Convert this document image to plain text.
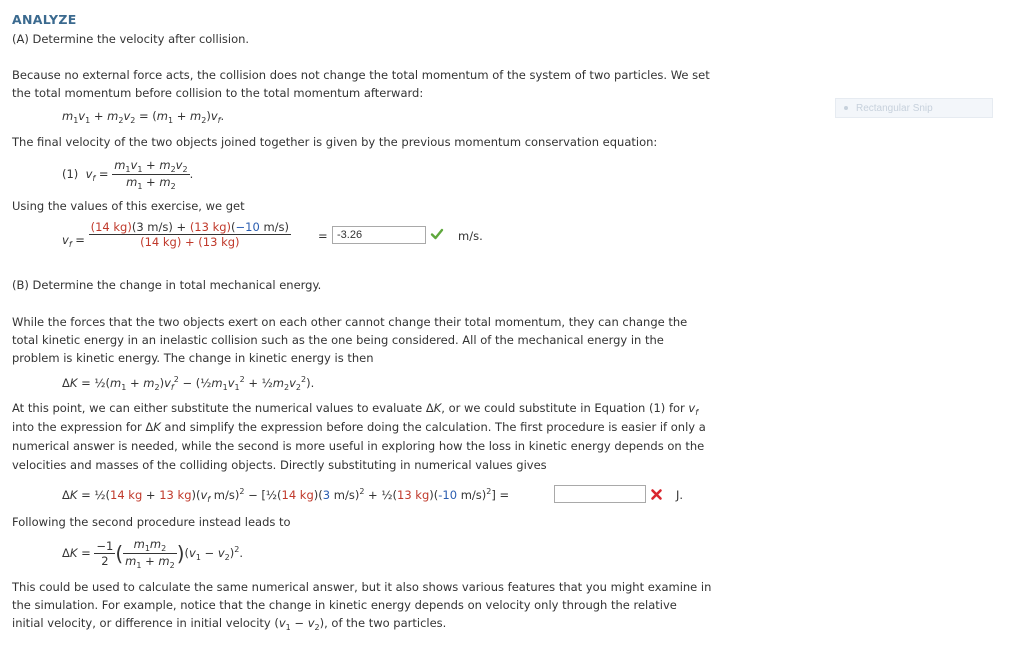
ANALYZE
(A) Determine the velocity after collision.
Because no external force acts, the collision does not change the total momentum of the system of two particles. We set
the total momentum before collision to the total momentum afterward:
$m_1v_1 + m_2v_2 = (m_1 + m_2)v_f$.
The final velocity of the two objects joined together is given by the previous momentum conservation equation:
(1) $v_f = \frac{m_1v_1 + m_2v_2}{m_1 + m_2}$ .
Using the values of this exercise, we get
$v_f = \frac{(14 kg)(3 m/s) + (13 kg)(-10 m/s)}{(14 kg) + (13 kg)} = -3.26$	m/s.
(B) Determine the change in total mechanical energy.
While the forces that the two objects exert on each other cannot change their total momentum, they can change the
total kinetic energy in an inelastic collision such as the one being considered. All of the mechanical energy in the
problem is kinetic energy. The change in kinetic energy is then
$\Delta K = \frac{1}{2}(m_1 + m_2)v_f^2$ − ($\frac{1}{2}m_1v_1^2$ + $\frac{1}{2}m_2v_2^2$).
At this point, we can either substitute the numerical values to evaluate ΔK, or we could substitute in Equation (1) for $v_f$
into the expression for ΔK and simplify the expression before doing the calculation. The first procedure is easier if only a
numerical answer is needed, while the second is more useful in exploring how the loss in kinetic energy depends on the
velocities and masses of the colliding objects. Directly substituting in numerical values gives
ΔK = ½(14 kg + 13 $kg)(v_f$ m/s)$^2$ − [½(14 kg)(3 m/s)$^2$ + ½(13 kg)(-10 m/s)$^2$] =	J.
Following the second procedure instead leads to
$\Delta K = \frac{-1}{2}$ ( $\frac{m_1m_2}{m_1 + m_2} )(v_1 - v_2)^2$.
This could be used to calculate the same numerical answer, but it also shows various features that you might examine in
the simulation. For example, notice that the change in kinetic energy depends on velocity only through the relative
initial velocity, or difference in initial velocity $(v_1 - v_2)$, of the two particles.
Rectangular Snip
